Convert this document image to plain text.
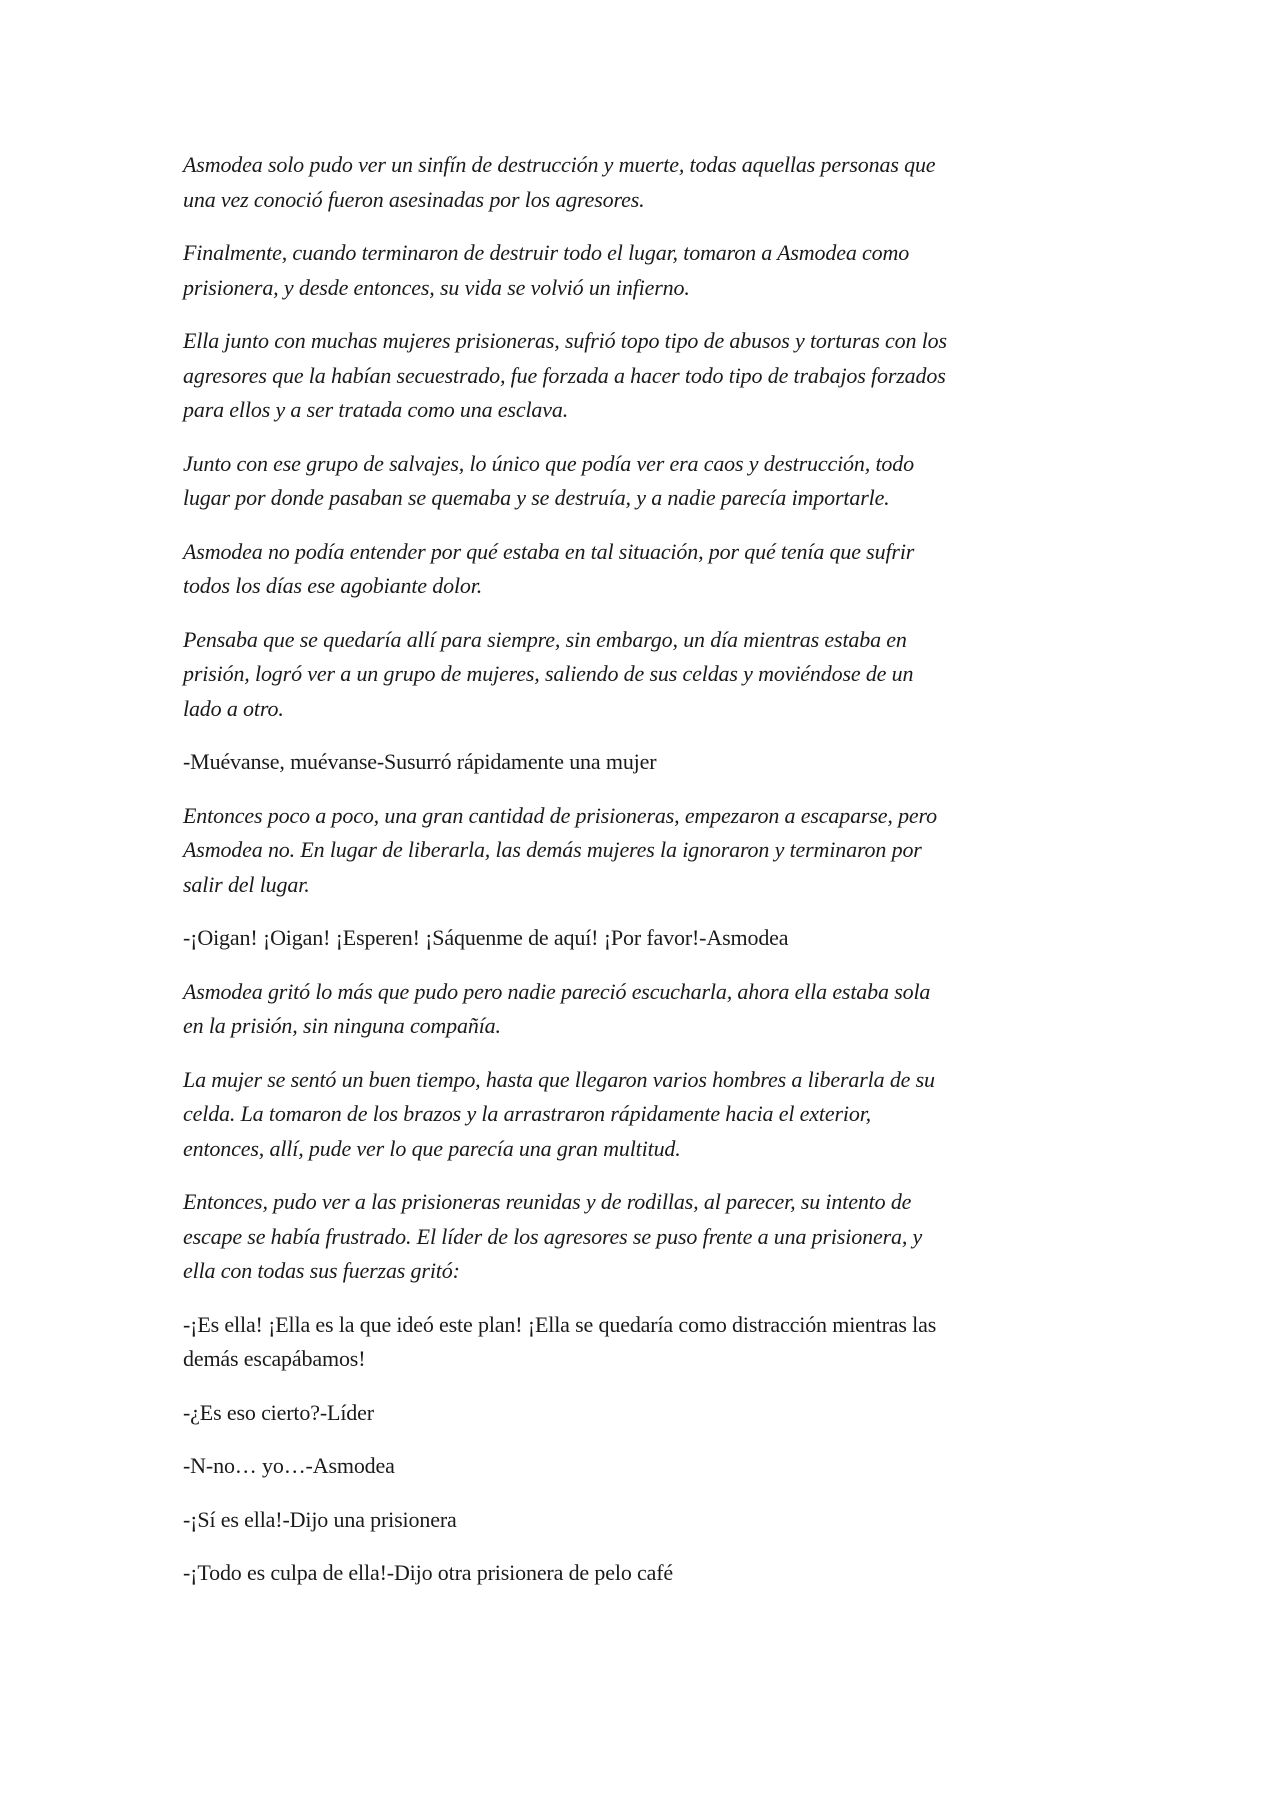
Asmodea solo pudo ver un sinfín de destrucción y muerte, todas aquellas personas que
una vez conoció fueron asesinadas por los agresores.

Finalmente, cuando terminaron de destruir todo el lugar, tomaron a Asmodea como
prisionera, y desde entonces, su vida se volvió un infierno.

Ella junto con muchas mujeres prisioneras, sufrió topo tipo de abusos y torturas con los
agresores que la habían secuestrado, fue forzada a hacer todo tipo de trabajos forzados
para ellos y a ser tratada como una esclava.

Junto con ese grupo de salvajes, lo único que podía ver era caos y destrucción, todo
lugar por donde pasaban se quemaba y se destruía, y a nadie parecía importarle.

Asmodea no podía entender por qué estaba en tal situación, por qué tenía que sufrir
todos los días ese agobiante dolor.

Pensaba que se quedaría allí para siempre, sin embargo, un día mientras estaba en
prisión, logró ver a un grupo de mujeres, saliendo de sus celdas y moviéndose de un
lado a otro.

-Muévanse, muévanse-Susurró rápidamente una mujer

Entonces poco a poco, una gran cantidad de prisioneras, empezaron a escaparse, pero
Asmodea no. En lugar de liberarla, las demás mujeres la ignoraron y terminaron por
salir del lugar.

-¡Oigan! ¡Oigan! ¡Esperen! ¡Sáquenme de aquí! ¡Por favor!-Asmodea

Asmodea gritó lo más que pudo pero nadie pareció escucharla, ahora ella estaba sola
en la prisión, sin ninguna compañía.

La mujer se sentó un buen tiempo, hasta que llegaron varios hombres a liberarla de su
celda. La tomaron de los brazos y la arrastraron rápidamente hacia el exterior,
entonces, allí, pude ver lo que parecía una gran multitud.

Entonces, pudo ver a las prisioneras reunidas y de rodillas, al parecer, su intento de
escape se había frustrado. El líder de los agresores se puso frente a una prisionera, y
ella con todas sus fuerzas gritó:

-¡Es ella! ¡Ella es la que ideó este plan! ¡Ella se quedaría como distracción mientras las
demás escapábamos!

-¿Es eso cierto?-Líder

-N-no… yo…-Asmodea

-¡Sí es ella!-Dijo una prisionera

-¡Todo es culpa de ella!-Dijo otra prisionera de pelo café
